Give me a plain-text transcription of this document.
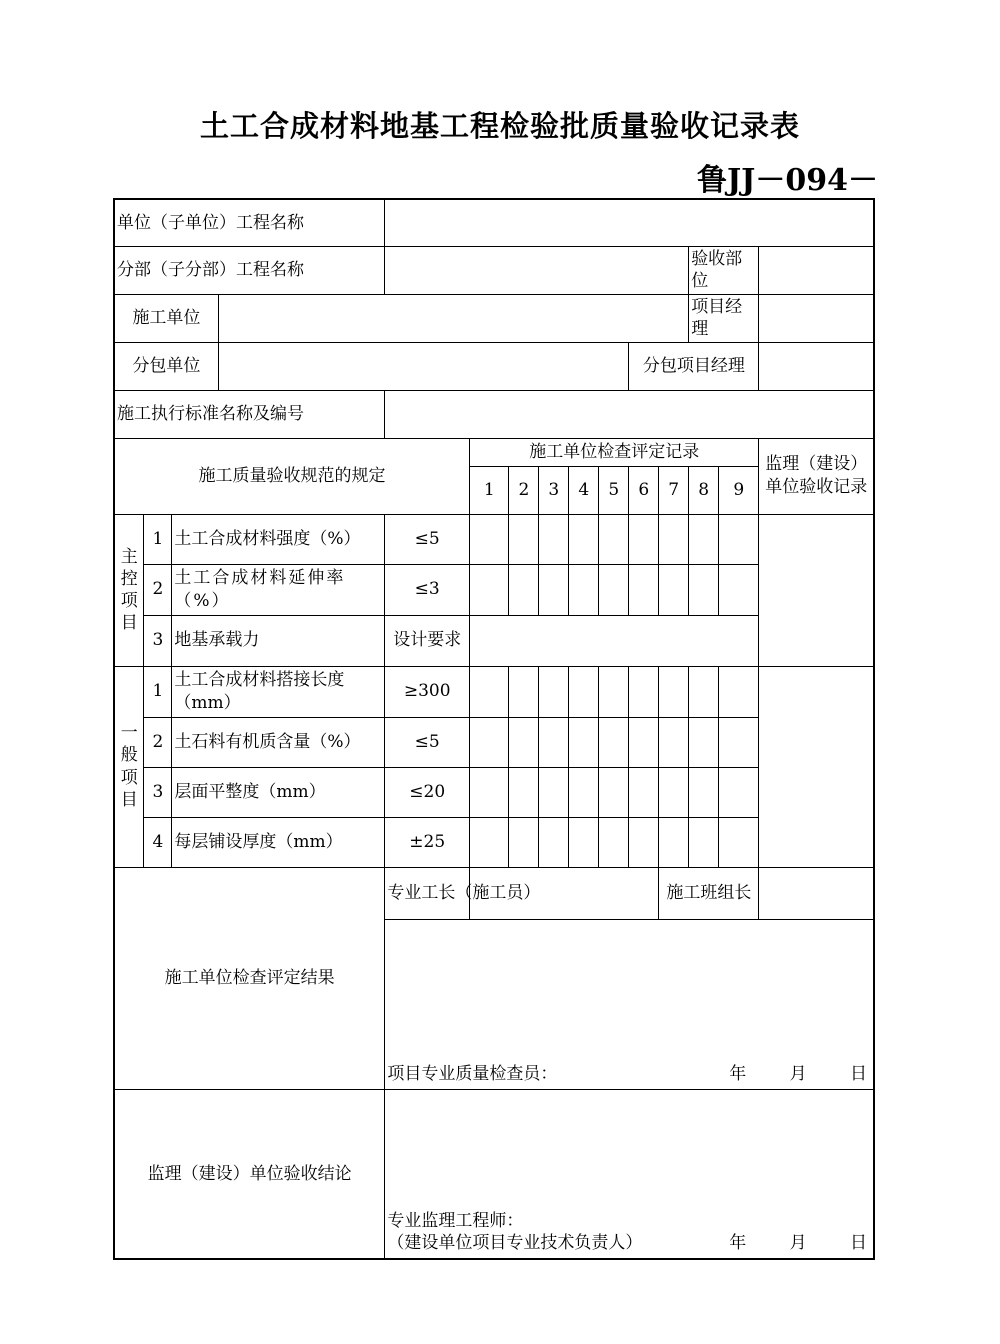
土工合成材料地基工程检验批质量验收记录表
鲁JJ－094－
单位（子单位）工程名称														
分部（子分部）工程名称												验收部位		
施工单位												项目经理		
分包单位										分包项目经理				
施工执行标准名称及编号														
施工质量验收规范的规定					施工单位检查评定记录									监理（建设）单位验收记录
					1	2	3	4	5	6	7	8	9	
主控项目	1	土工合成材料强度（%）		≤5										
	2	土工合成材料延伸率（%）		≤3										
	3	地基承载力		设计要求										
一般项目	1	土工合成材料搭接长度（mm）		≥300										
	2	土石料有机质含量（%）		≤5										
	3	层面平整度（mm）		≤20										
	4	每层铺设厚度（mm）		±25										
施工单位检查评定结果				专业工长（施工员）							施工班组长			

				项目专业质量检查员： 年 月 日										

监理（建设）单位验收结论				专业监理工程师：
（建设单位项目专业技术负责人） 年 月 日										
